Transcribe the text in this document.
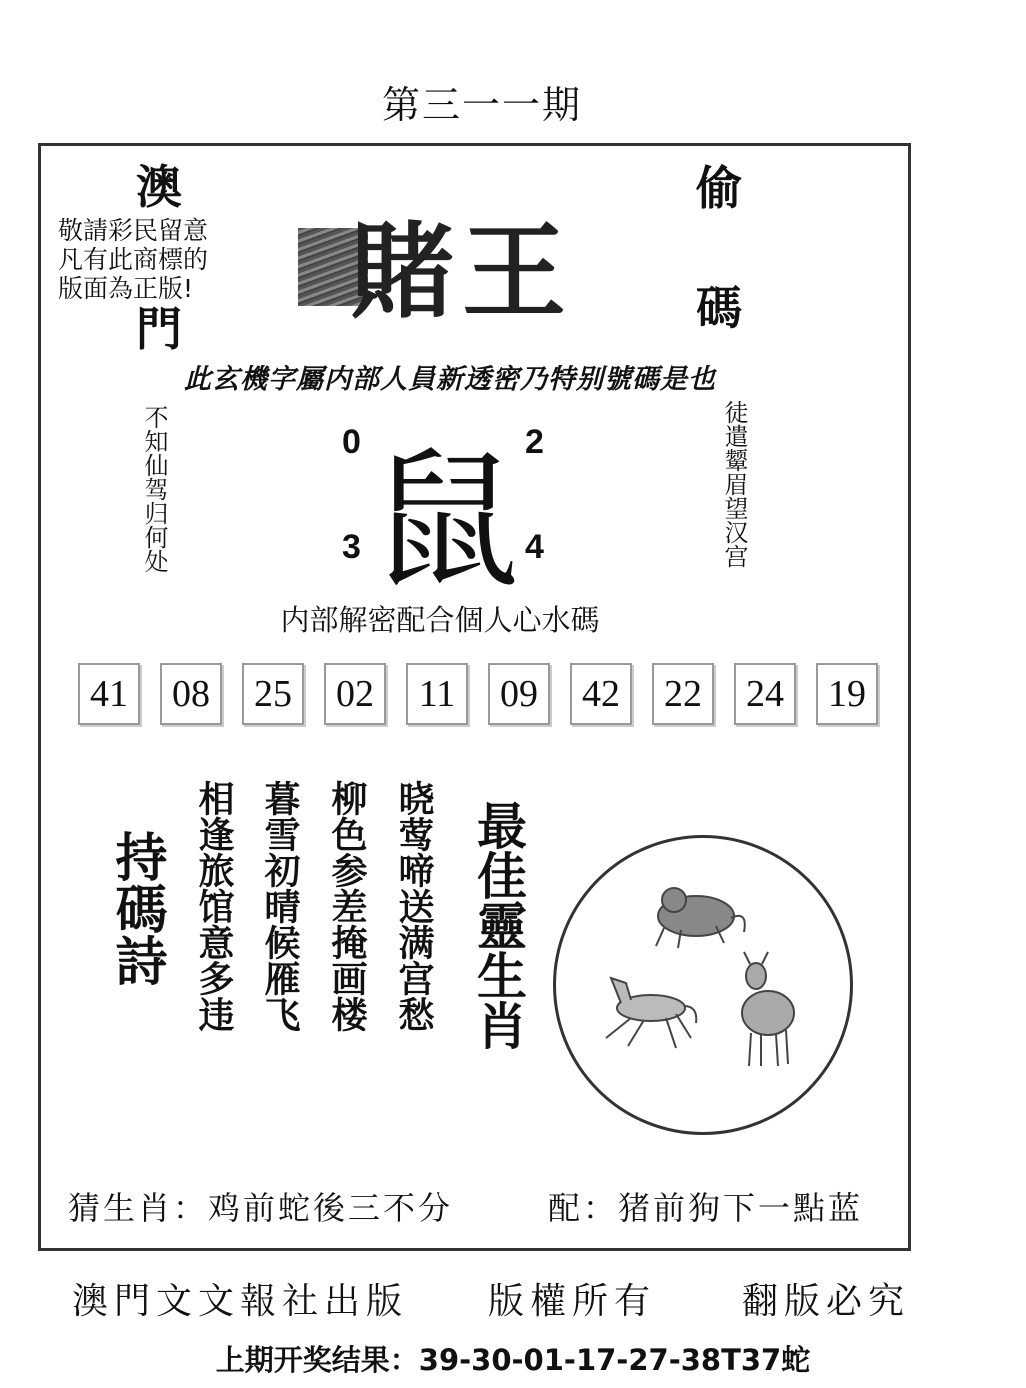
第三一一期
澳
敬請彩民留意
凡有此商標的
版面為正版!
門 賭王
偷
碼
此玄機字屬内部人員新透密乃特别號碼是也
不知仙驾归何处	徒遣颦眉望汉宫
鼠
0	2
3	4
内部解密配合個人心水碼
41	08	25	02	11	09	42	22	24	19
持碼詩 相逢旅馆意多违 暮雪初晴候雁飞 柳色参差掩画楼 晓莺啼送满宫愁 最佳靈生肖
猜生肖：鸡前蛇後三不分	配：猪前狗下一點蓝
澳門文文報社出版 版權所有 翻版必究
上期开奖结果：39-30-01-17-27-38T37蛇
